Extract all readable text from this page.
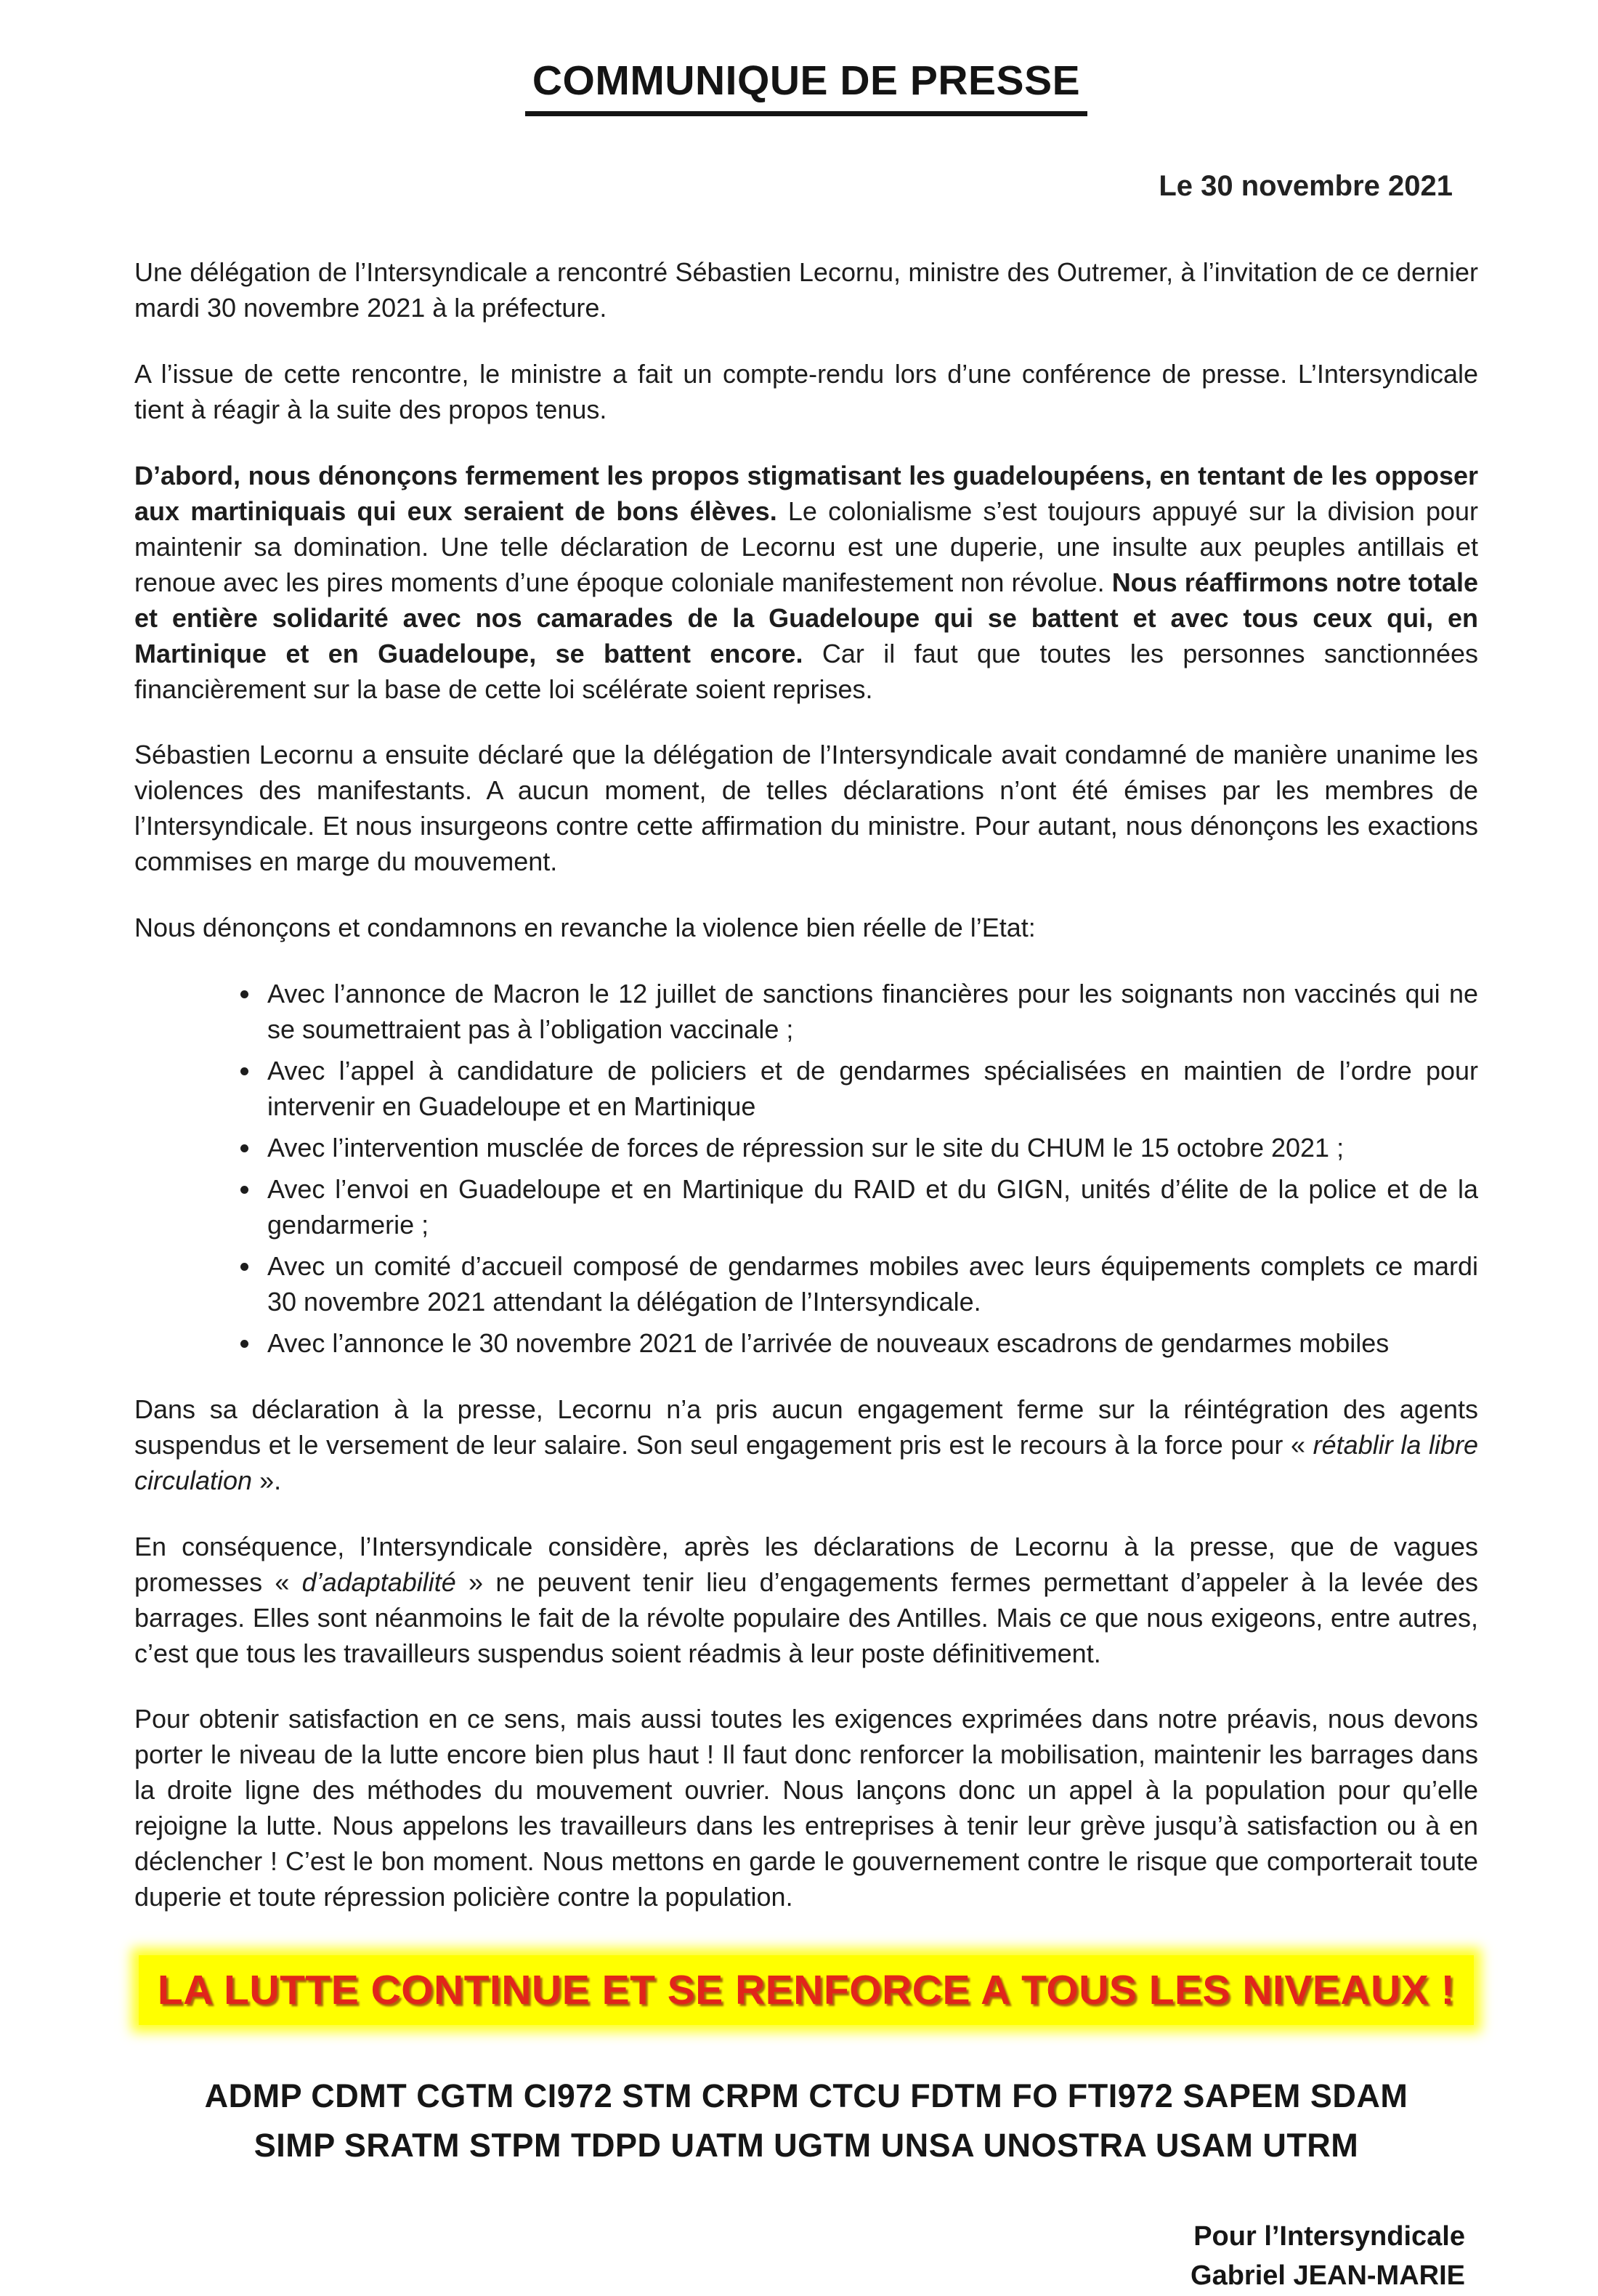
COMMUNIQUE DE PRESSE
Le 30 novembre 2021

Une délégation de l’Intersyndicale a rencontré Sébastien Lecornu, ministre des Outremer, à l’invitation de ce dernier mardi 30 novembre 2021 à la préfecture.

A l’issue de cette rencontre, le ministre a fait un compte-rendu lors d’une conférence de presse. L’Intersyndicale tient à réagir à la suite des propos tenus.

D’abord, nous dénonçons fermement les propos stigmatisant les guadeloupéens, en tentant de les opposer aux martiniquais qui eux seraient de bons élèves. Le colonialisme s’est toujours appuyé sur la division pour maintenir sa domination. Une telle déclaration de Lecornu est une duperie, une insulte aux peuples antillais et renoue avec les pires moments d’une époque coloniale manifestement non révolue. Nous réaffirmons notre totale et entière solidarité avec nos camarades de la Guadeloupe qui se battent et avec tous ceux qui, en Martinique et en Guadeloupe, se battent encore. Car il faut que toutes les personnes sanctionnées financièrement sur la base de cette loi scélérate soient reprises.

Sébastien Lecornu a ensuite déclaré que la délégation de l’Intersyndicale avait condamné de manière unanime les violences des manifestants. A aucun moment, de telles déclarations n’ont été émises par les membres de l’Intersyndicale. Et nous insurgeons contre cette affirmation du ministre. Pour autant, nous dénonçons les exactions commises en marge du mouvement.

Nous dénonçons et condamnons en revanche la violence bien réelle de l’Etat:

• Avec l’annonce de Macron le 12 juillet de sanctions financières pour les soignants non vaccinés qui ne se soumettraient pas à l’obligation vaccinale ;
• Avec l’appel à candidature de policiers et de gendarmes spécialisées en maintien de l’ordre pour intervenir en Guadeloupe et en Martinique
• Avec l’intervention musclée de forces de répression sur le site du CHUM le 15 octobre 2021 ;
• Avec l’envoi en Guadeloupe et en Martinique du RAID et du GIGN, unités d’élite de la police et de la gendarmerie ;
• Avec un comité d’accueil composé de gendarmes mobiles avec leurs équipements complets ce mardi 30 novembre 2021 attendant la délégation de l’Intersyndicale.
• Avec l’annonce le 30 novembre 2021 de l’arrivée de nouveaux escadrons de gendarmes mobiles

Dans sa déclaration à la presse, Lecornu n’a pris aucun engagement ferme sur la réintégration des agents suspendus et le versement de leur salaire. Son seul engagement pris est le recours à la force pour « rétablir la libre circulation ».

En conséquence, l’Intersyndicale considère, après les déclarations de Lecornu à la presse, que de vagues promesses « d’adaptabilité » ne peuvent tenir lieu d’engagements fermes permettant d’appeler à la levée des barrages. Elles sont néanmoins le fait de la révolte populaire des Antilles. Mais ce que nous exigeons, entre autres, c’est que tous les travailleurs suspendus soient réadmis à leur poste définitivement.

Pour obtenir satisfaction en ce sens, mais aussi toutes les exigences exprimées dans notre préavis, nous devons porter le niveau de la lutte encore bien plus haut ! Il faut donc renforcer la mobilisation, maintenir les barrages dans la droite ligne des méthodes du mouvement ouvrier. Nous lançons donc un appel à la population pour qu’elle rejoigne la lutte. Nous appelons les travailleurs dans les entreprises à tenir leur grève jusqu’à satisfaction ou à en déclencher ! C’est le bon moment. Nous mettons en garde le gouvernement contre le risque que comporterait toute duperie et toute répression policière contre la population.

LA LUTTE CONTINUE ET SE RENFORCE A TOUS LES NIVEAUX !
ADMP CDMT CGTM CI972 STM CRPM CTCU FDTM FO FTI972 SAPEM SDAM
SIMP SRATM STPM TDPD UATM UGTM UNSA UNOSTRA USAM UTRM
Pour l’Intersyndicale
Gabriel JEAN-MARIE
